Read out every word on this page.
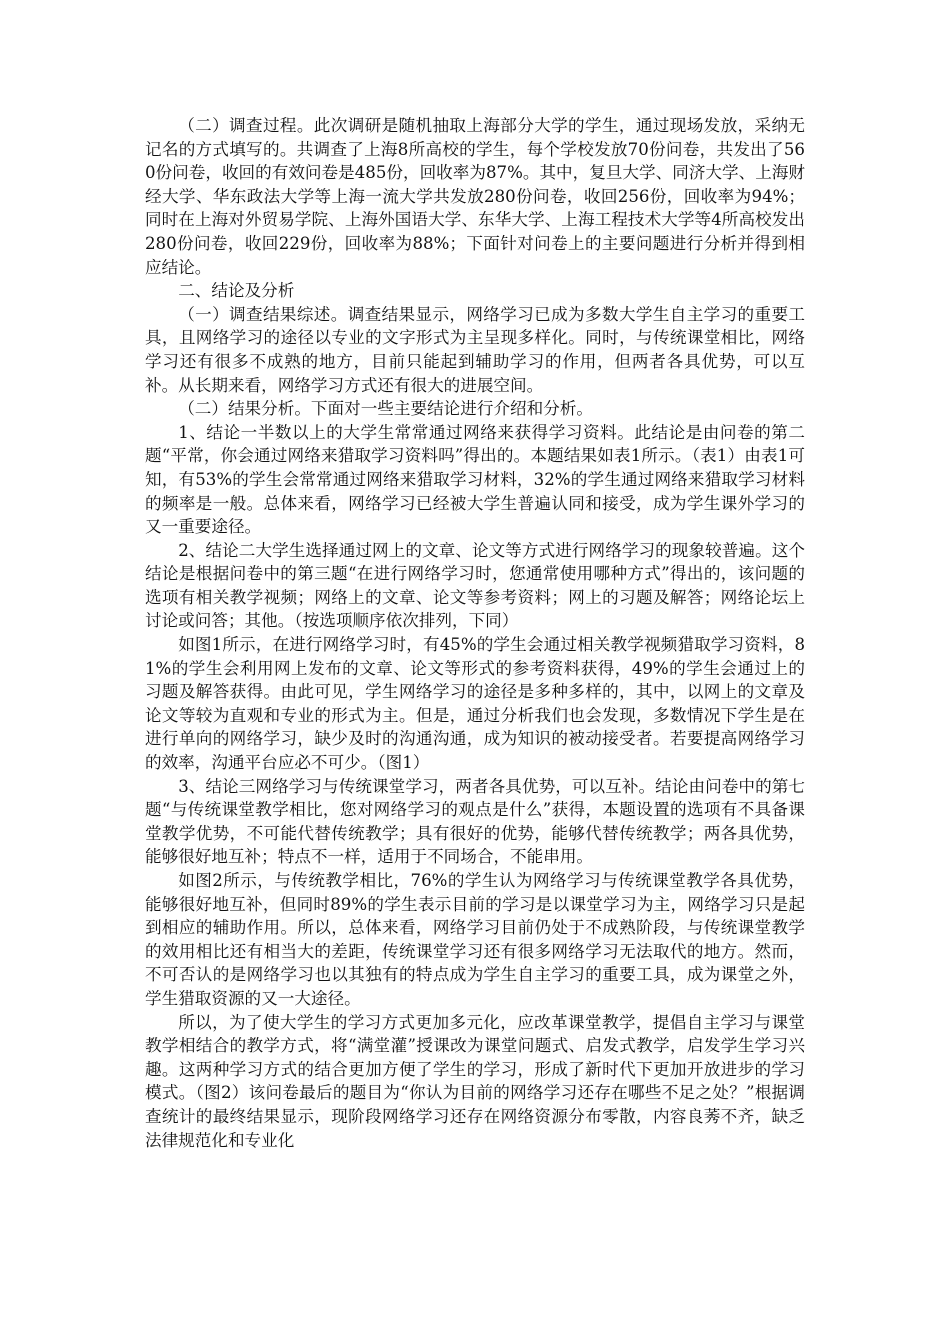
（二）调查过程。此次调研是随机抽取上海部分大学的学生，通过现场发放，采纳无记名的方式填写的。共调查了上海8所高校的学生，每个学校发放70份问卷，共发出了560份问卷，收回的有效问卷是485份，回收率为87%。其中，复旦大学、同济大学、上海财经大学、华东政法大学等上海一流大学共发放280份问卷，收回256份，回收率为94%；同时在上海对外贸易学院、上海外国语大学、东华大学、上海工程技术大学等4所高校发出280份问卷，收回229份，回收率为88%；下面针对问卷上的主要问题进行分析并得到相应结论。

二、结论及分析

（一）调查结果综述。调查结果显示，网络学习已成为多数大学生自主学习的重要工具，且网络学习的途径以专业的文字形式为主呈现多样化。同时，与传统课堂相比，网络学习还有很多不成熟的地方，目前只能起到辅助学习的作用，但两者各具优势，可以互补。从长期来看，网络学习方式还有很大的进展空间。

（二）结果分析。下面对一些主要结论进行介绍和分析。

1、结论一半数以上的大学生常常通过网络来获得学习资料。此结论是由问卷的第二题“平常，你会通过网络来猎取学习资料吗”得出的。本题结果如表1所示。（表1）由表1可知，有53%的学生会常常通过网络来猎取学习材料，32%的学生通过网络来猎取学习材料的频率是一般。总体来看，网络学习已经被大学生普遍认同和接受，成为学生课外学习的又一重要途径。

2、结论二大学生选择通过网上的文章、论文等方式进行网络学习的现象较普遍。这个结论是根据问卷中的第三题“在进行网络学习时，您通常使用哪种方式”得出的，该问题的选项有相关教学视频；网络上的文章、论文等参考资料；网上的习题及解答；网络论坛上讨论或问答；其他。（按选项顺序依次排列，下同）

如图1所示，在进行网络学习时，有45%的学生会通过相关教学视频猎取学习资料，81%的学生会利用网上发布的文章、论文等形式的参考资料获得，49%的学生会通过上的习题及解答获得。由此可见，学生网络学习的途径是多种多样的，其中，以网上的文章及论文等较为直观和专业的形式为主。但是，通过分析我们也会发现，多数情况下学生是在进行单向的网络学习，缺少及时的沟通沟通，成为知识的被动接受者。若要提高网络学习的效率，沟通平台应必不可少。（图1）

3、结论三网络学习与传统课堂学习，两者各具优势，可以互补。结论由问卷中的第七题“与传统课堂教学相比，您对网络学习的观点是什么”获得，本题设置的选项有不具备课堂教学优势，不可能代替传统教学；具有很好的优势，能够代替传统教学；两各具优势，能够很好地互补；特点不一样，适用于不同场合，不能串用。

如图2所示，与传统教学相比，76%的学生认为网络学习与传统课堂教学各具优势，能够很好地互补，但同时89%的学生表示目前的学习是以课堂学习为主，网络学习只是起到相应的辅助作用。所以，总体来看，网络学习目前仍处于不成熟阶段，与传统课堂教学的效用相比还有相当大的差距，传统课堂学习还有很多网络学习无法取代的地方。然而，不可否认的是网络学习也以其独有的特点成为学生自主学习的重要工具，成为课堂之外，学生猎取资源的又一大途径。

所以，为了使大学生的学习方式更加多元化，应改革课堂教学，提倡自主学习与课堂教学相结合的教学方式，将“满堂灌”授课改为课堂问题式、启发式教学，启发学生学习兴趣。这两种学习方式的结合更加方便了学生的学习，形成了新时代下更加开放进步的学习模式。（图2）该问卷最后的题目为“你认为目前的网络学习还存在哪些不足之处？”根据调查统计的最终结果显示，现阶段网络学习还存在网络资源分布零散，内容良莠不齐，缺乏法律规范化和专业化
